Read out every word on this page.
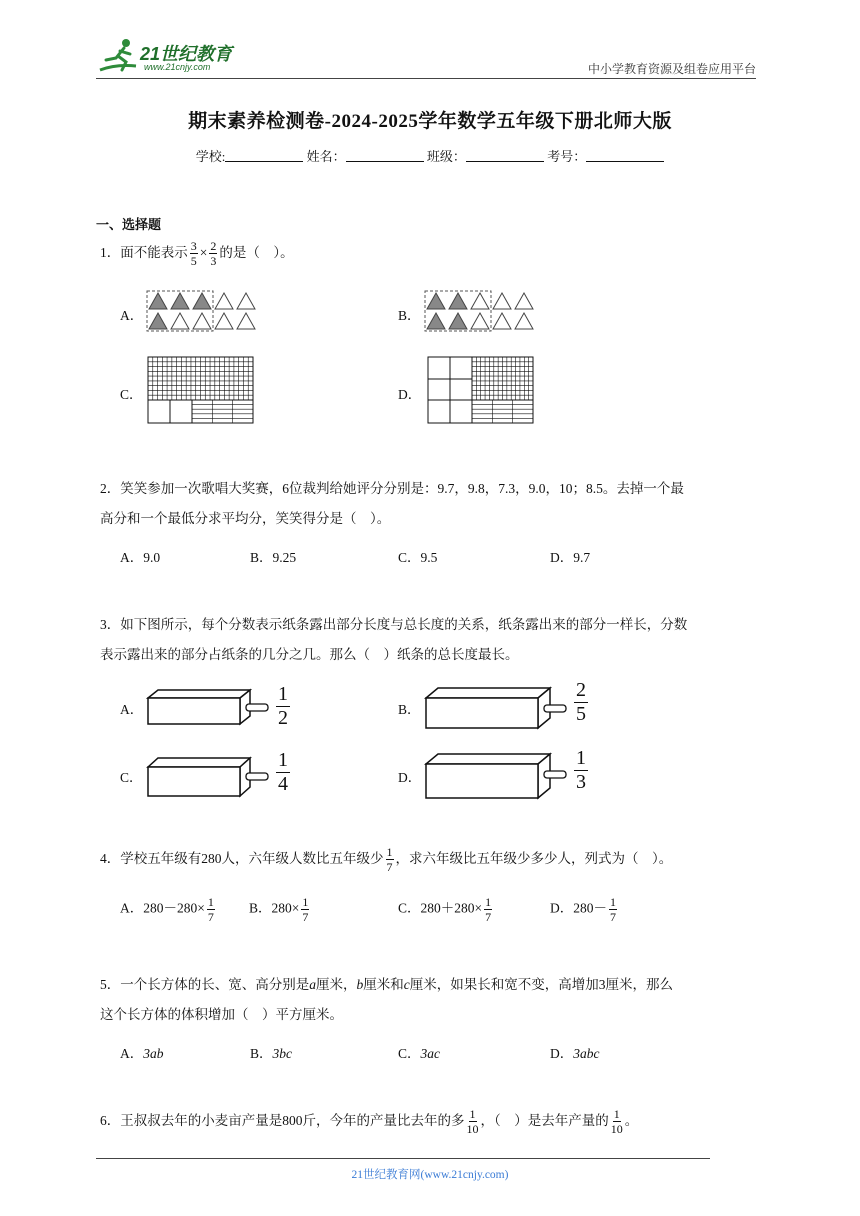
21世纪教育
www.21cnjy.com	中小学教育资源及组卷应用平台
期末素养检测卷-2024-2025学年数学五年级下册北师大版
学校:	姓名：	班级：	考号：
一、选择题
1．面不能表示 $\frac{3}{5} \times \frac{2}{3}$ 的是（　）。
A．	B．
C．	D．
2．笑笑参加一次歌唱大奖赛，6位裁判给她评分分别是：9.7，9.8，7.3，9.0，10；8.5。去掉一个最
高分和一个最低分求平均分，笑笑得分是（　）。
A．9.0	B．9.25	C．9.5	D．9.7
3．如下图所示，每个分数表示纸条露出部分长度与总长度的关系，纸条露出来的部分一样长，分数
表示露出来的部分占纸条的几分之几。那么（　）纸条的总长度最长。
A．	B．
C．	D．
$\frac{1}{2}$	$\frac{2}{5}$
$\frac{1}{4}$	$\frac{1}{3}$
4．学校五年级有280人，六年级人数比五年级少 $\frac{1}{7}$ ，求六年级比五年级少多少人，列式为（　）。
A．$280-280\times \frac{1}{7}$	B．$280\times \frac{1}{7}$	C．$280+280\times \frac{1}{7}$	D．$280- \frac{1}{7}$
5．一个长方体的长、宽、高分别是a厘米，b厘米和c厘米，如果长和宽不变，高增加3厘米，那么
这个长方体的体积增加（　）平方厘米。
A．3ab	B．3bc	C．3ac	D．3abc
6．王叔叔去年的小麦亩产量是800斤，今年的产量比去年的多 $\frac{1}{10}$ ，（　）是去年产量的 $\frac{1}{10}$ 。
21世纪教育网(www.21cnjy.com)
